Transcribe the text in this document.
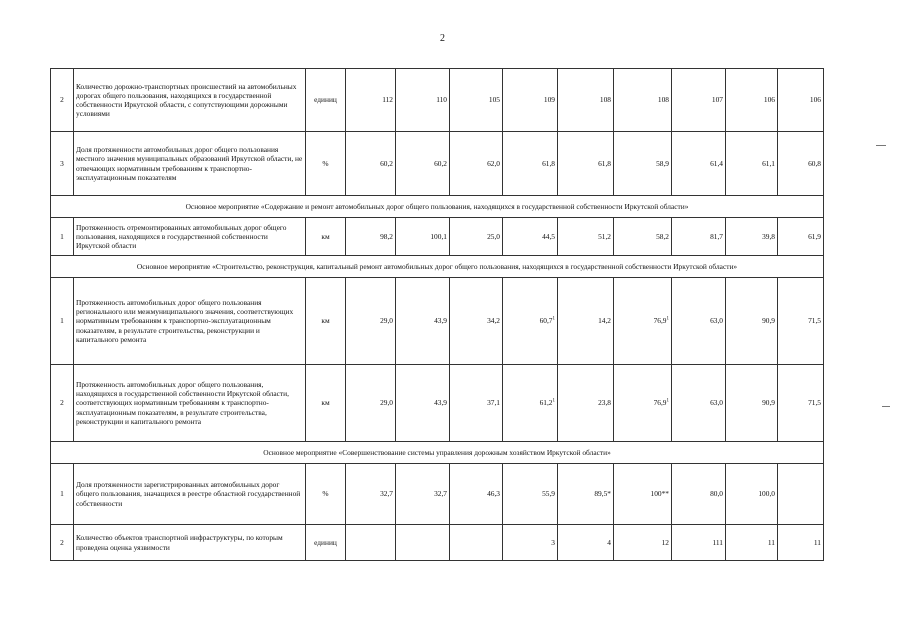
2
2	Количество дорожно-транспортных происшествий на автомобильных дорогах общего пользования, находящихся в государственной собственности Иркутской области, с сопутствующими дорожными условиями	единиц	112	110	105	109	108	108	107	106	106
3	Доля протяженности автомобильных дорог общего пользования местного значения муниципальных образований Иркутской области, не отвечающих нормативным требованиям к транспортно-эксплуатационным показателям	%	60,2	60,2	62,0	61,8	61,8	58,9	61,4	61,1	60,8
Основное мероприятие «Содержание и ремонт автомобильных дорог общего пользования, находящихся в государственной собственности Иркутской области»											
1	Протяженность отремонтированных автомобильных дорог общего пользования, находящихся в государственной собственности Иркутской области	км	98,2	100,1	25,0	44,5	51,2	58,2	81,7	39,8	61,9
Основное мероприятие «Строительство, реконструкция, капитальный ремонт автомобильных дорог общего пользования, находящихся в государственной собственности Иркутской области»											
1	Протяженность автомобильных дорог общего пользования регионального или межмуниципального значения, соответствующих нормативным требованиям к транспортно-эксплуатационным показателям, в результате строительства, реконструкции и капитального ремонта	км	29,0	43,9	34,2	60,7$^1$	14,2	76,9$^1$	63,0	90,9	71,5
2	Протяженность автомобильных дорог общего пользования, находящихся в государственной собственности Иркутской области, соответствующих нормативным требованиям к транспортно-эксплуатационным показателям, в результате строительства, реконструкции и капитального ремонта	км	29,0	43,9	37,1	61,2$^1$	23,8	76,9$^1$	63,0	90,9	71,5
Основное мероприятие «Совершенствование системы управления дорожным хозяйством Иркутской области»											
1	Доля протяженности зарегистрированных автомобильных дорог общего пользования, значащихся в реестре областной государственной собственности	%	32,7	32,7	46,3	55,9	89,5*	100**	80,0	100,0	
2	Количество объектов транспортной инфраструктуры, по которым проведена оценка уязвимости	единиц				3	4	12	111	11	11
